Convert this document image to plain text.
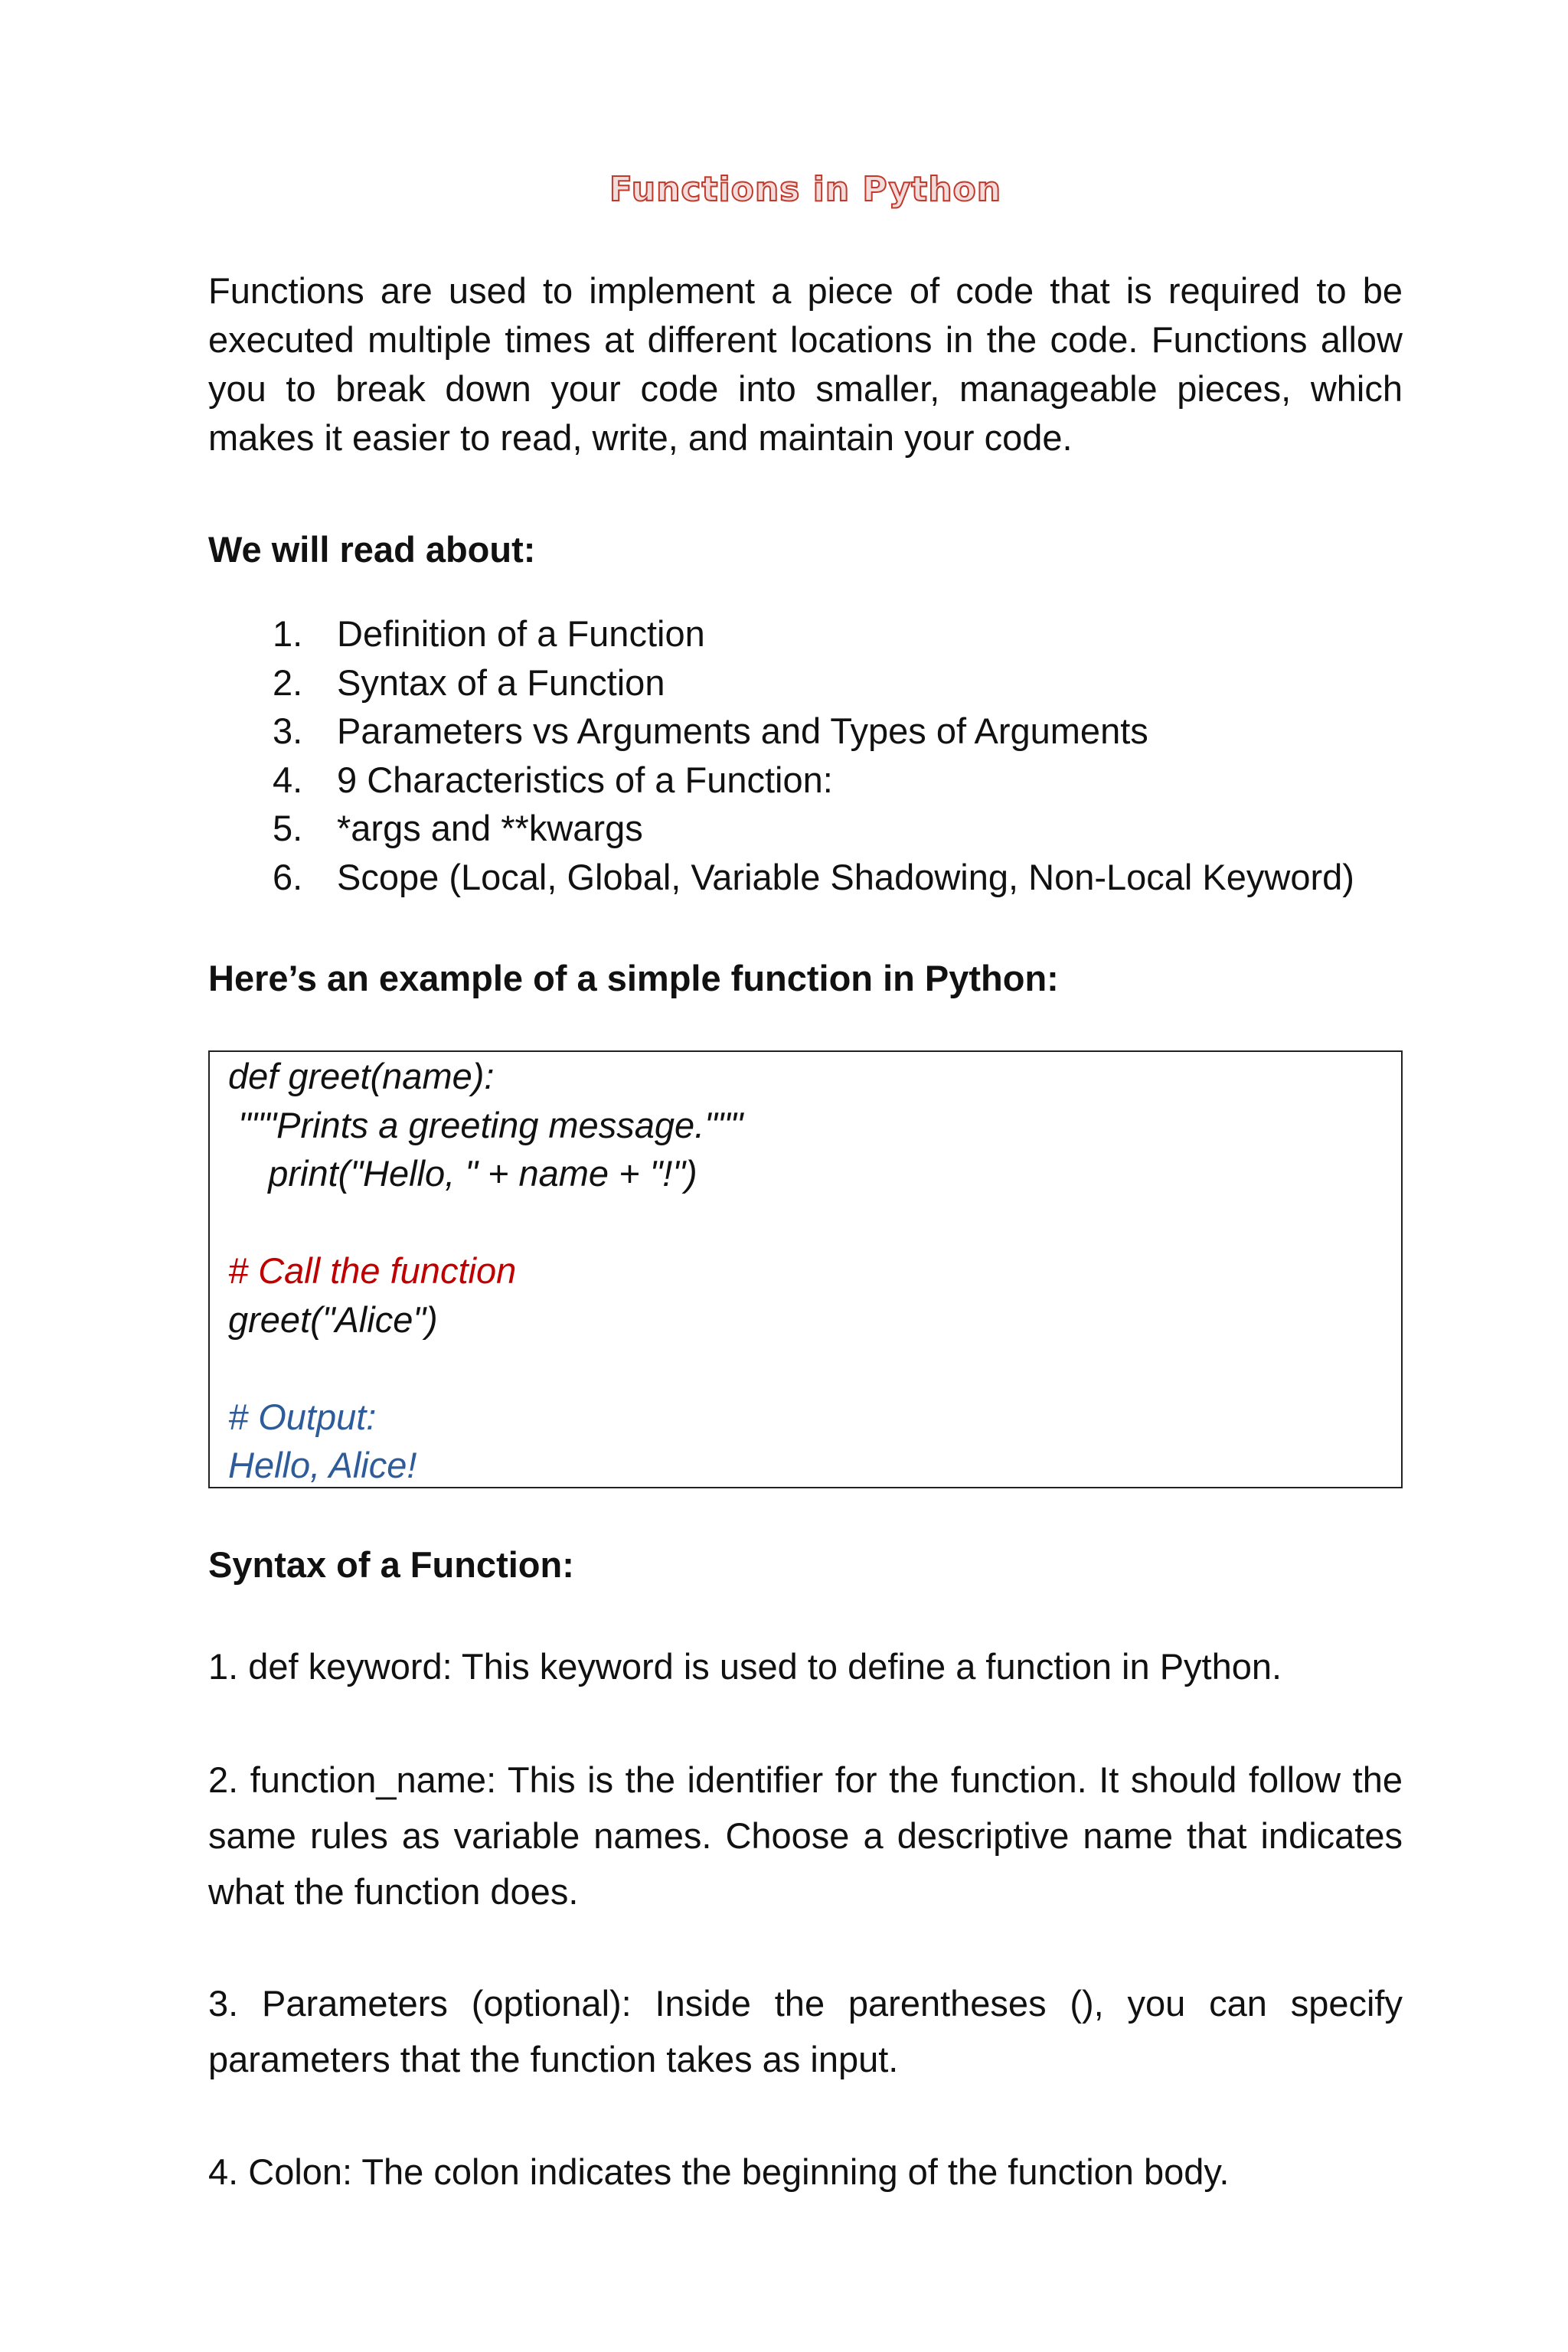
Functions in Python

Functions are used to implement a piece of code that is required to be executed multiple times at different locations in the code. Functions allow you to break down your code into smaller, manageable pieces, which makes it easier to read, write, and maintain your code.

We will read about:

1. Definition of a Function
2. Syntax of a Function
3. Parameters vs Arguments and Types of Arguments
4. 9 Characteristics of a Function:
5. *args and **kwargs
6. Scope (Local, Global, Variable Shadowing, Non-Local Keyword)

Here’s an example of a simple function in Python:

def greet(name):
"""Prints a greeting message."""
print("Hello, " + name + "!")
# Call the function
greet("Alice")
# Output:
Hello, Alice!

Syntax of a Function:

1. def keyword: This keyword is used to define a function in Python.

2. function_name: This is the identifier for the function. It should follow the same rules as variable names. Choose a descriptive name that indicates what the function does.

3. Parameters (optional): Inside the parentheses (), you can specify parameters that the function takes as input.

4. Colon: The colon indicates the beginning of the function body.
